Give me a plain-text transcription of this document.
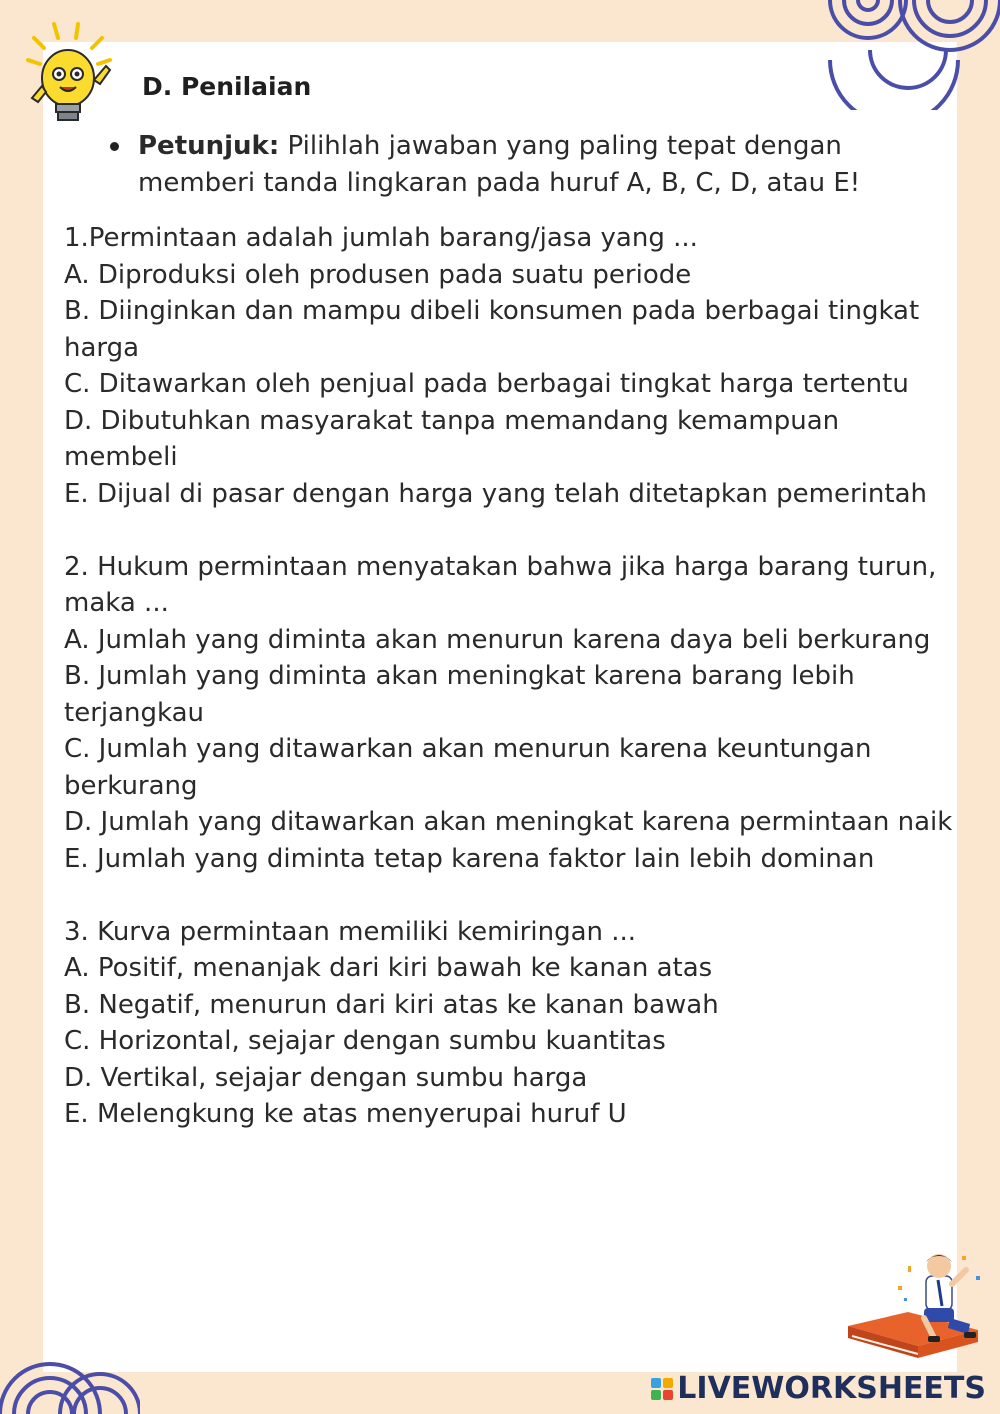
D. Penilaian
Petunjuk: Pilihlah jawaban yang paling tepat dengan memberi tanda lingkaran pada huruf A, B, C, D, atau E!
1.Permintaan adalah jumlah barang/jasa yang ...
A. Diproduksi oleh produsen pada suatu periode
B. Diinginkan dan mampu dibeli konsumen pada berbagai tingkat harga
C. Ditawarkan oleh penjual pada berbagai tingkat harga tertentu
D. Dibutuhkan masyarakat tanpa memandang kemampuan membeli
E. Dijual di pasar dengan harga yang telah ditetapkan pemerintah
2. Hukum permintaan menyatakan bahwa jika harga barang turun, maka ...
A. Jumlah yang diminta akan menurun karena daya beli berkurang
B. Jumlah yang diminta akan meningkat karena barang lebih terjangkau
C. Jumlah yang ditawarkan akan menurun karena keuntungan berkurang
D. Jumlah yang ditawarkan akan meningkat karena permintaan naik
E. Jumlah yang diminta tetap karena faktor lain lebih dominan
3. Kurva permintaan memiliki kemiringan ...
A. Positif, menanjak dari kiri bawah ke kanan atas
B. Negatif, menurun dari kiri atas ke kanan bawah
C. Horizontal, sejajar dengan sumbu kuantitas
D. Vertikal, sejajar dengan sumbu harga
E. Melengkung ke atas menyerupai huruf U
LIVEWORKSHEETS
